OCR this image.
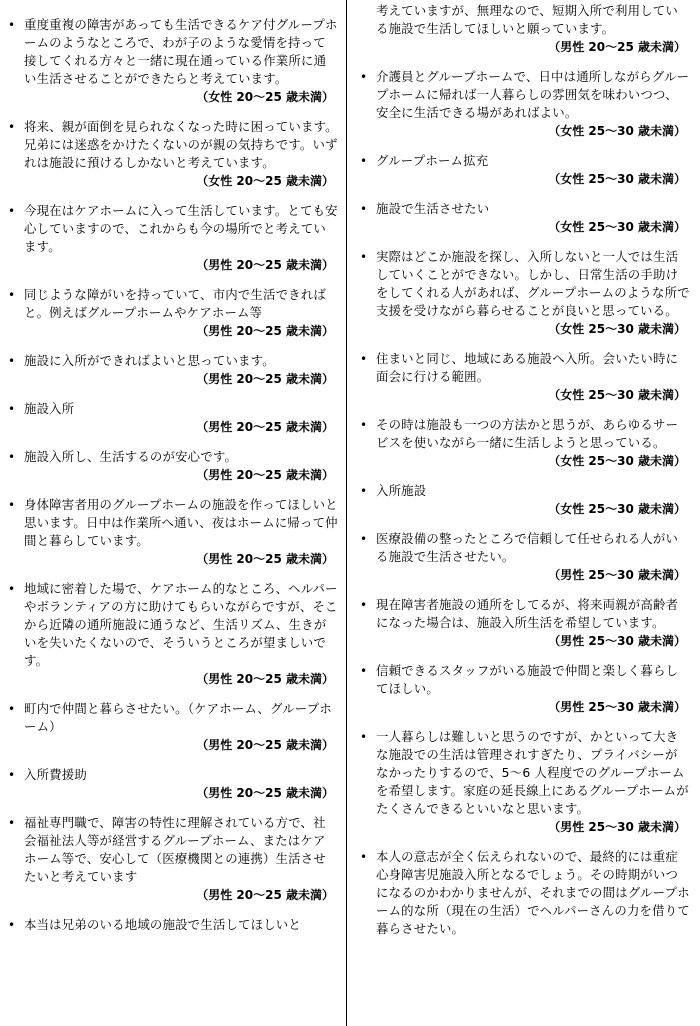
• 重度重複の障害があっても生活できるケア付グループホームのようなところで、わが子のような愛情を持って接してくれる方々と一緒に現在通っている作業所に通い生活させることができたらと考えています。
（女性 20～25 歳未満）
• 将来、親が面倒を見られなくなった時に困っています。兄弟には迷惑をかけたくないのが親の気持ちです。いずれは施設に預けるしかないと考えています。
（女性 20～25 歳未満）
• 今現在はケアホームに入って生活しています。とても安心していますので、これからも今の場所でと考えています。
（男性 20～25 歳未満）
• 同じような障がいを持っていて、市内で生活できればと。例えばグループホームやケアホーム等
（男性 20～25 歳未満）
• 施設に入所ができればよいと思っています。
（男性 20～25 歳未満）
• 施設入所
（男性 20～25 歳未満）
• 施設入所し、生活するのが安心です。
（男性 20～25 歳未満）
• 身体障害者用のグループホームの施設を作ってほしいと思います。日中は作業所へ通い、夜はホームに帰って仲間と暮らしています。
（男性 20～25 歳未満）
• 地域に密着した場で、ケアホーム的なところ、ヘルパーやボランティアの方に助けてもらいながらですが、そこから近隣の通所施設に通うなど、生活リズム、生きがいを失いたくないので、そういうところが望ましいです。
（男性 20～25 歳未満）
• 町内で仲間と暮らさせたい。（ケアホーム、グループホーム）
（男性 20～25 歳未満）
• 入所費援助
（男性 20～25 歳未満）
• 福祉専門職で、障害の特性に理解されている方で、社会福祉法人等が経営するグループホーム、またはケアホーム等で、安心して（医療機関との連携）生活させたいと考えています
（男性 20～25 歳未満）
• 本当は兄弟のいる地域の施設で生活してほしいと
考えていますが、無理なので、短期入所で利用している施設で生活してほしいと願っています。
（男性 20～25 歳未満）
• 介護員とグループホームで、日中は通所しながらグループホームに帰れば一人暮らしの雰囲気を味わいつつ、安全に生活できる場があればよい。
（女性 25～30 歳未満）
• グループホーム拡充
（女性 25～30 歳未満）
• 施設で生活させたい
（女性 25～30 歳未満）
• 実際はどこか施設を探し、入所しないと一人では生活していくことができない。しかし、日常生活の手助けをしてくれる人があれば、グループホームのような所で支援を受けながら暮らせることが良いと思っている。
（女性 25～30 歳未満）
• 住まいと同じ、地域にある施設へ入所。会いたい時に面会に行ける範囲。
（女性 25～30 歳未満）
• その時は施設も一つの方法かと思うが、あらゆるサービスを使いながら一緒に生活しようと思っている。
（女性 25～30 歳未満）
• 入所施設
（女性 25～30 歳未満）
• 医療設備の整ったところで信頼して任せられる人がいる施設で生活させたい。
（男性 25～30 歳未満）
• 現在障害者施設の通所をしてるが、将来両親が高齢者になった場合は、施設入所生活を希望しています。
（男性 25～30 歳未満）
• 信頼できるスタッフがいる施設で仲間と楽しく暮らしてほしい。
（男性 25～30 歳未満）
• 一人暮らしは難しいと思うのですが、かといって大きな施設での生活は管理されすぎたり、プライバシーがなかったりするので、5～6 人程度でのグループホームを希望します。家庭の延長線上にあるグループホームがたくさんできるといいなと思います。
（男性 25～30 歳未満）
• 本人の意志が全く伝えられないので、最終的には重症心身障害児施設入所となるでしょう。その時期がいつになるのかわかりませんが、それまでの間はグループホーム的な所（現在の生活）でヘルパーさんの力を借りて暮らさせたい。
